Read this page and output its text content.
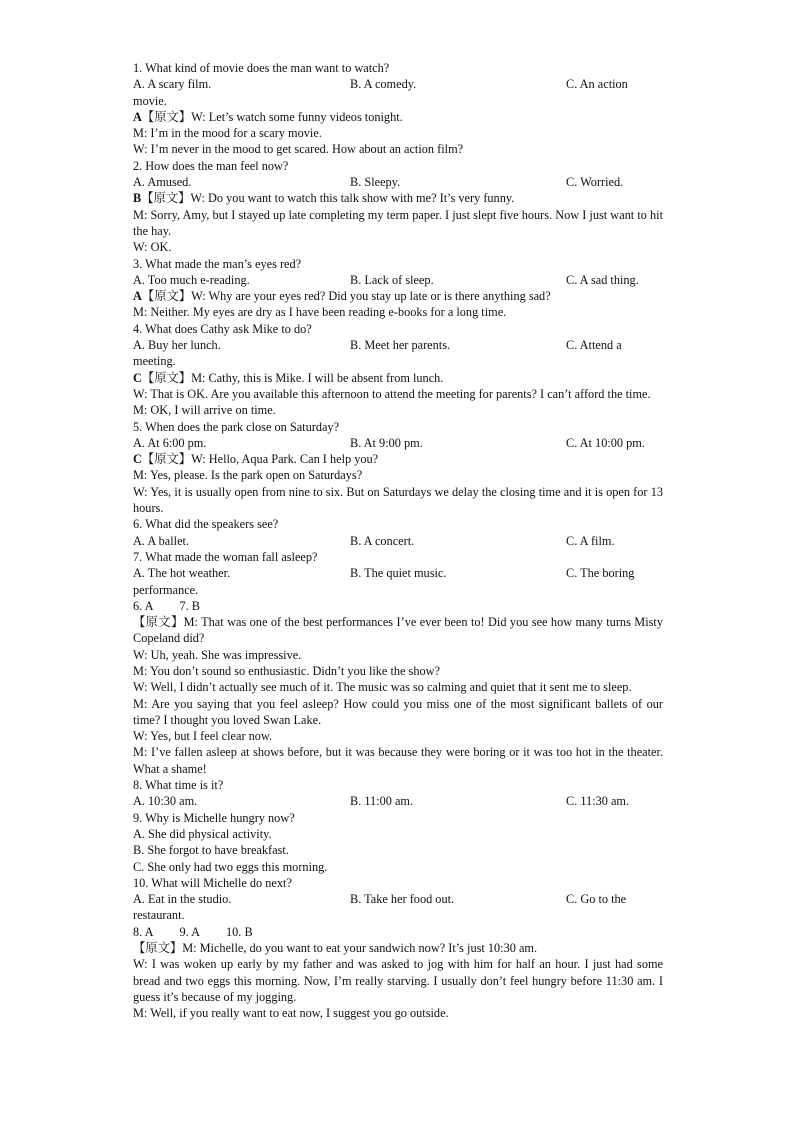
1. What kind of movie does the man want to watch?

A. A scary film.	B. A comedy.	C. An action
movie.

A【原文】W: Let’s watch some funny videos tonight.

M: I’m in the mood for a scary movie.

W: I’m never in the mood to get scared. How about an action film?

2. How does the man feel now?

A. Amused.	B. Sleepy.	C. Worried.

B【原文】W: Do you want to watch this talk show with me? It’s very funny.

M: Sorry, Amy, but I stayed up late completing my term paper. I just slept five hours. Now I just want to hit the hay.

W: OK.

3. What made the man’s eyes red?

A. Too much e-reading.	B. Lack of sleep.	C. A sad thing.

A【原文】W: Why are your eyes red? Did you stay up late or is there anything sad?

M: Neither. My eyes are dry as I have been reading e-books for a long time.

4. What does Cathy ask Mike to do?

A. Buy her lunch.	B. Meet her parents.	C. Attend a
meeting.

C【原文】M: Cathy, this is Mike. I will be absent from lunch.

W: That is OK. Are you available this afternoon to attend the meeting for parents? I can’t afford the time.

M: OK, I will arrive on time.

5. When does the park close on Saturday?

A. At 6:00 pm.	B. At 9:00 pm.	C. At 10:00 pm.

C【原文】W: Hello, Aqua Park. Can I help you?

M: Yes, please. Is the park open on Saturdays?

W: Yes, it is usually open from nine to six. But on Saturdays we delay the closing time and it is open for 13 hours.

6. What did the speakers see?

A. A ballet.	B. A concert.	C. A film.

7. What made the woman fall asleep?

A. The hot weather.	B. The quiet music.	C. The boring
performance.

6. A 7. B

【原文】M: That was one of the best performances I’ve ever been to! Did you see how many turns Misty Copeland did?

W: Uh, yeah. She was impressive.

M: You don’t sound so enthusiastic. Didn’t you like the show?

W: Well, I didn’t actually see much of it. The music was so calming and quiet that it sent me to sleep.

M: Are you saying that you feel asleep? How could you miss one of the most significant ballets of our time? I thought you loved Swan Lake.

W: Yes, but I feel clear now.

M: I’ve fallen asleep at shows before, but it was because they were boring or it was too hot in the theater. What a shame!

8. What time is it?

A. 10:30 am.	B. 11:00 am.	C. 11:30 am.

9. Why is Michelle hungry now?

A. She did physical activity.

B. She forgot to have breakfast.

C. She only had two eggs this morning.

10. What will Michelle do next?

A. Eat in the studio.	B. Take her food out.	C. Go to the
restaurant.

8. A 9. A 10. B

【原文】M: Michelle, do you want to eat your sandwich now? It’s just 10:30 am.

W: I was woken up early by my father and was asked to jog with him for half an hour. I just had some bread and two eggs this morning. Now, I’m really starving. I usually don’t feel hungry before 11:30 am. I guess it’s because of my jogging.

M: Well, if you really want to eat now, I suggest you go outside.
